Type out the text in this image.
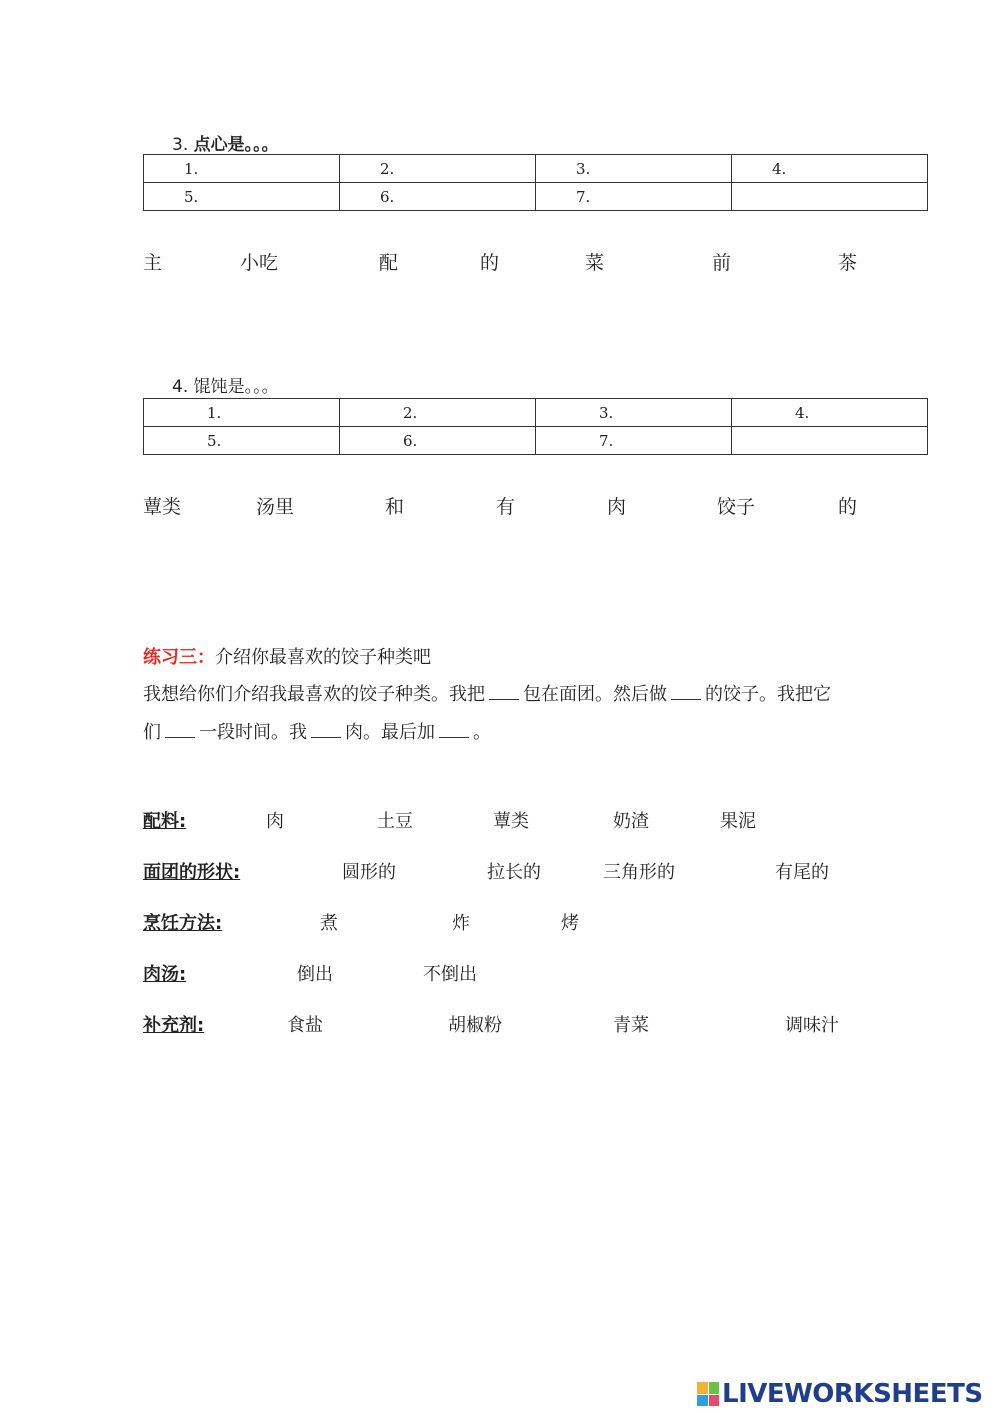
3. 点心是。。。
1.	2.	3.	4.
5.	6.	7.	
主	小吃	配	的	菜	前	茶
4. 馄饨是。。。
1.	2.	3.	4.
5.	6.	7.	
蕈类	汤里	和	有	肉	饺子	的
练习三：介绍你最喜欢的饺子种类吧
我想给你们介绍我最喜欢的饺子种类。我把 包在面团。然后做 的饺子。我把它
们 一段时间。我 肉。最后加 。
配料:	肉	土豆	蕈类	奶渣	果泥
面团的形状:	圆形的	拉长的	三角形的	有尾的
烹饪方法:	煮	炸	烤
肉汤:	倒出	不倒出
补充剂:	食盐	胡椒粉	青菜	调味汁
LIVEWORKSHEETS
